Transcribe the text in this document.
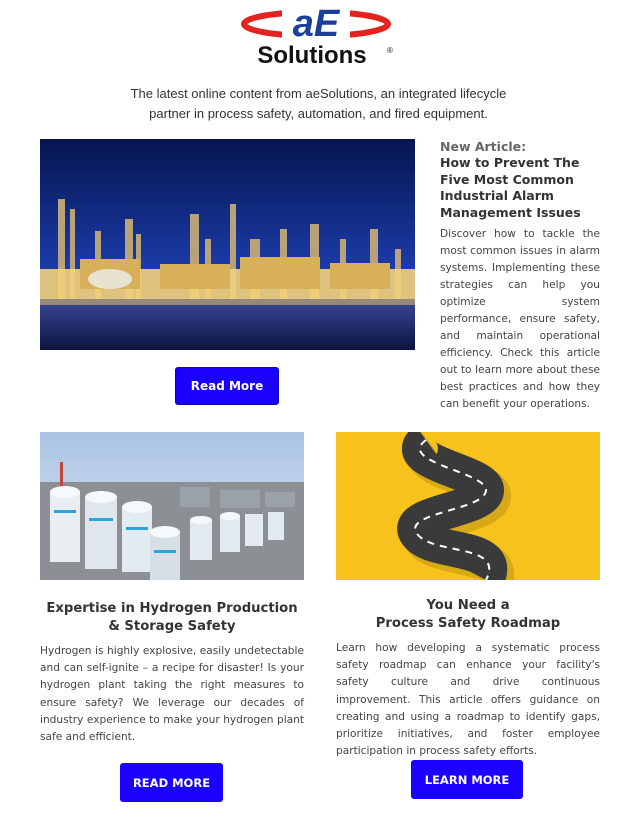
aE
Solutions	®
The latest online content from aeSolutions, an integrated lifecycle
partner in process safety, automation, and fired equipment.
Read More
New Article:
How to Prevent The Five Most Common Industrial Alarm Management Issues
Discover how to tackle the most common issues in alarm systems. Implementing these strategies can help you optimize system performance, ensure safety, and maintain operational efficiency. Check this article out to learn more about these best practices and how they can benefit your operations.
Expertise in Hydrogen Production
& Storage Safety
Hydrogen is highly explosive, easily undetectable and can self-ignite – a recipe for disaster! Is your hydrogen plant taking the right measures to ensure safety? We leverage our decades of industry experience to make your hydrogen plant safe and efficient.
READ MORE
You Need a
Process Safety Roadmap
Learn how developing a systematic process safety roadmap can enhance your facility's safety culture and drive continuous improvement. This article offers guidance on creating and using a roadmap to identify gaps, prioritize initiatives, and foster employee participation in process safety efforts.
LEARN MORE
